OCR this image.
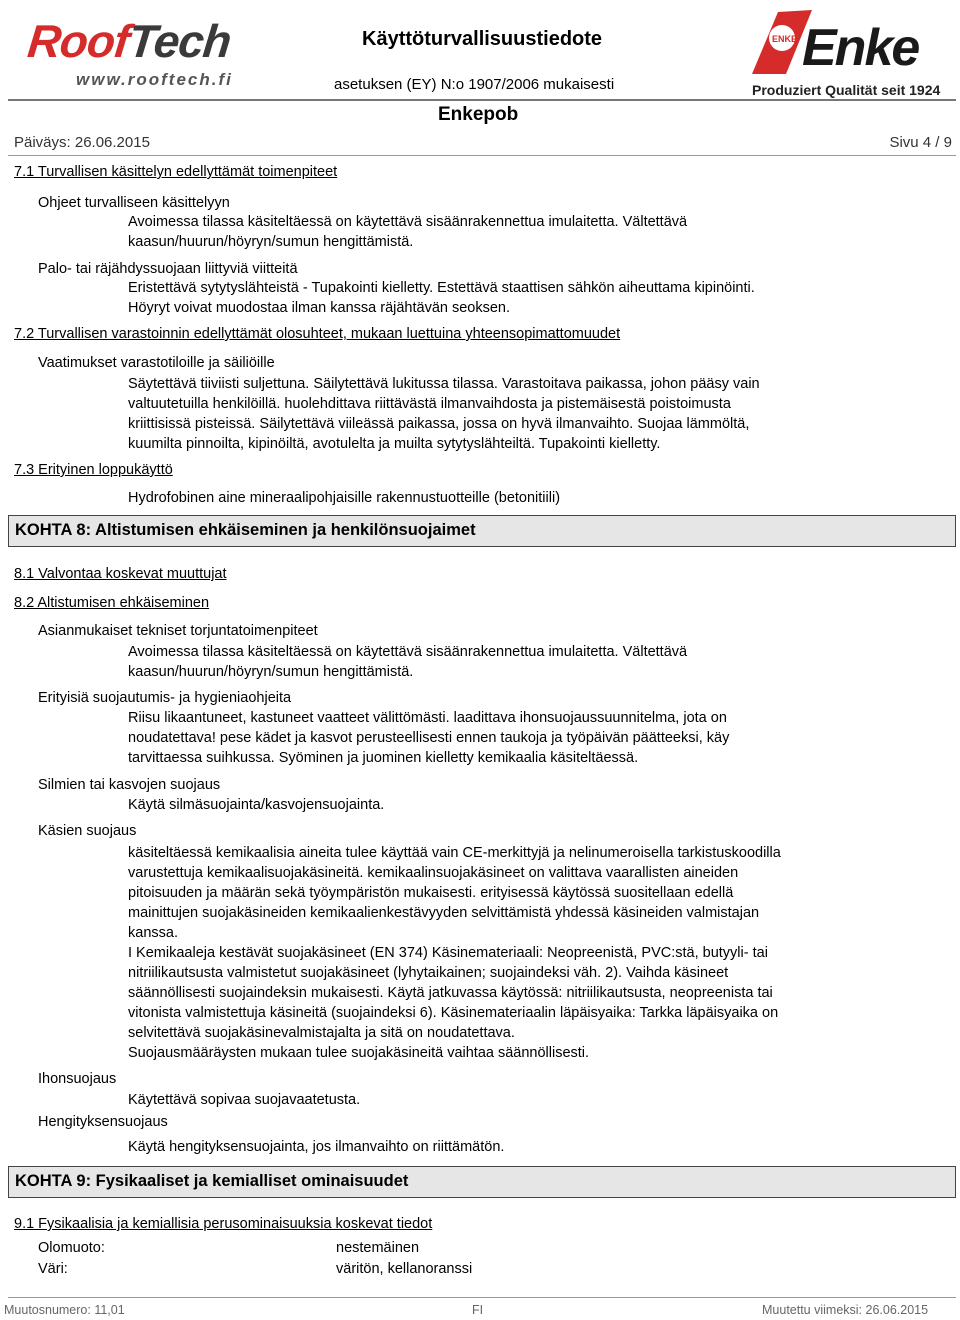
RoofTech
www.rooftech.fi
Käyttöturvallisuustiedote
asetuksen (EY) N:o 1907/2006 mukaisesti
ENKE Enke
Produziert Qualität seit 1924
Enkepob
Päiväys: 26.06.2015	Sivu 4 / 9
7.1 Turvallisen käsittelyn edellyttämät toimenpiteet
Ohjeet turvalliseen käsittelyyn
Avoimessa tilassa käsiteltäessä on käytettävä sisäänrakennettua imulaitetta. Vältettävä
kaasun/huurun/höyryn/sumun hengittämistä.
Palo- tai räjähdyssuojaan liittyviä viitteitä
Eristettävä sytytyslähteistä - Tupakointi kielletty. Estettävä staattisen sähkön aiheuttama kipinöinti.
Höyryt voivat muodostaa ilman kanssa räjähtävän seoksen.
7.2 Turvallisen varastoinnin edellyttämät olosuhteet, mukaan luettuina yhteensopimattomuudet
Vaatimukset varastotiloille ja säiliöille
Säytettävä tiiviisti suljettuna. Säilytettävä lukitussa tilassa. Varastoitava paikassa, johon pääsy vain
valtuutetuilla henkilöillä. huolehdittava riittävästä ilmanvaihdosta ja pistemäisestä poistoimusta
kriittisissä pisteissä. Säilytettävä viileässä paikassa, jossa on hyvä ilmanvaihto. Suojaa lämmöltä,
kuumilta pinnoilta, kipinöiltä, avotulelta ja muilta sytytyslähteiltä. Tupakointi kielletty.
7.3 Erityinen loppukäyttö
Hydrofobinen aine mineraalipohjaisille rakennustuotteille (betonitiili)
KOHTA 8: Altistumisen ehkäiseminen ja henkilönsuojaimet
8.1 Valvontaa koskevat muuttujat
8.2 Altistumisen ehkäiseminen
Asianmukaiset tekniset torjuntatoimenpiteet
Avoimessa tilassa käsiteltäessä on käytettävä sisäänrakennettua imulaitetta. Vältettävä
kaasun/huurun/höyryn/sumun hengittämistä.
Erityisiä suojautumis- ja hygieniaohjeita
Riisu likaantuneet, kastuneet vaatteet välittömästi. laadittava ihonsuojaussuunnitelma, jota on
noudatettava! pese kädet ja kasvot perusteellisesti ennen taukoja ja työpäivän päätteeksi, käy
tarvittaessa suihkussa. Syöminen ja juominen kielletty kemikaalia käsiteltäessä.
Silmien tai kasvojen suojaus
Käytä silmäsuojainta/kasvojensuojainta.
Käsien suojaus
käsiteltäessä kemikaalisia aineita tulee käyttää vain CE-merkittyjä ja nelinumeroisella tarkistuskoodilla
varustettuja kemikaalisuojakäsineitä. kemikaalinsuojakäsineet on valittava vaarallisten aineiden
pitoisuuden ja määrän sekä työympäristön mukaisesti. erityisessä käytössä suositellaan edellä
mainittujen suojakäsineiden kemikaalienkestävyyden selvittämistä yhdessä käsineiden valmistajan
kanssa.
I Kemikaaleja kestävät suojakäsineet (EN 374) Käsinemateriaali: Neopreenistä, PVC:stä, butyyli- tai
nitriilikautsusta valmistetut suojakäsineet (lyhytaikainen; suojaindeksi väh. 2). Vaihda käsineet
säännöllisesti suojaindeksin mukaisesti. Käytä jatkuvassa käytössä: nitriilikautsusta, neopreenista tai
vitonista valmistettuja käsineitä (suojaindeksi 6). Käsinemateriaalin läpäisyaika: Tarkka läpäisyaika on
selvitettävä suojakäsinevalmistajalta ja sitä on noudatettava.
Suojausmääräysten mukaan tulee suojakäsineitä vaihtaa säännöllisesti.
Ihonsuojaus
Käytettävä sopivaa suojavaatetusta.
Hengityksensuojaus
Käytä hengityksensuojainta, jos ilmanvaihto on riittämätön.
KOHTA 9: Fysikaaliset ja kemialliset ominaisuudet
9.1 Fysikaalisia ja kemiallisia perusominaisuuksia koskevat tiedot
Olomuoto:	nestemäinen
Väri:	väritön, kellanoranssi
Muutosnumero: 11,01	FI	Muutettu viimeksi: 26.06.2015
